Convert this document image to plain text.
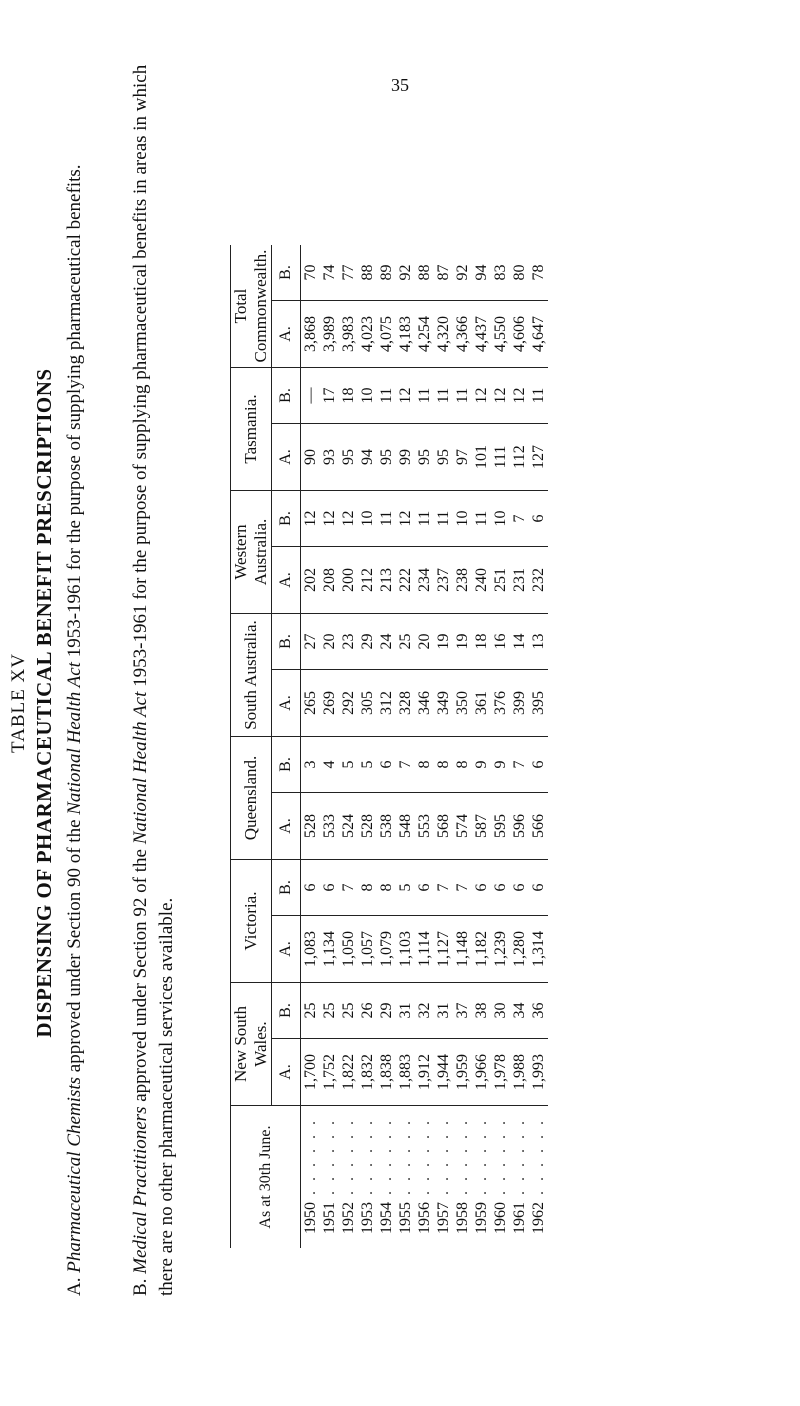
35
TABLE XV DISPENSING OF PHARMACEUTICAL BENEFIT PRESCRIPTIONS
A. Pharmaceutical Chemists approved under Section 90 of the National Health Act 1953-1961 for the purpose of supplying pharmaceutical benefits.
B. Medical Practitioners approved under Section 92 of the National Health Act 1953-1961 for the purpose of supplying pharmaceutical benefits in areas in which there are no other pharmaceutical services available.	As at 30th June.	New South Wales.		Victoria.		Queensland.		South Australia.		Western Australia.		Tasmania.		Total Commonwealth.	
	A.	B.	A.	B.	A.	B.	A.	B.	A.	B.	A.	B.	A.	B.
1950 . . . . . .	1,700	25	1,083	6	528	3	265	27	202	12	90	—	3,868	70
1951 . . . . . .	1,752	25	1,134	6	533	4	269	20	208	12	93	17	3,989	74
1952 . . . . . .	1,822	25	1,050	7	524	5	292	23	200	12	95	18	3,983	77
1953 . . . . . .	1,832	26	1,057	8	528	5	305	29	212	10	94	10	4,023	88
1954 . . . . . .	1,838	29	1,079	8	538	6	312	24	213	11	95	11	4,075	89
1955 . . . . . .	1,883	31	1,103	5	548	7	328	25	222	12	99	12	4,183	92
1956 . . . . . .	1,912	32	1,114	6	553	8	346	20	234	11	95	11	4,254	88
1957 . . . . . .	1,944	31	1,127	7	568	8	349	19	237	11	95	11	4,320	87
1958 . . . . . .	1,959	37	1,148	7	574	8	350	19	238	10	97	11	4,366	92
1959 . . . . . .	1,966	38	1,182	6	587	9	361	18	240	11	101	12	4,437	94
1960 . . . . . .	1,978	30	1,239	6	595	9	376	16	251	10	111	12	4,550	83
1961 . . . . . .	1,988	34	1,280	6	596	7	399	14	231	7	112	12	4,606	80
1962 . . . . . .	1,993	36	1,314	6	566	6	395	13	232	6	127	11	4,647	78
